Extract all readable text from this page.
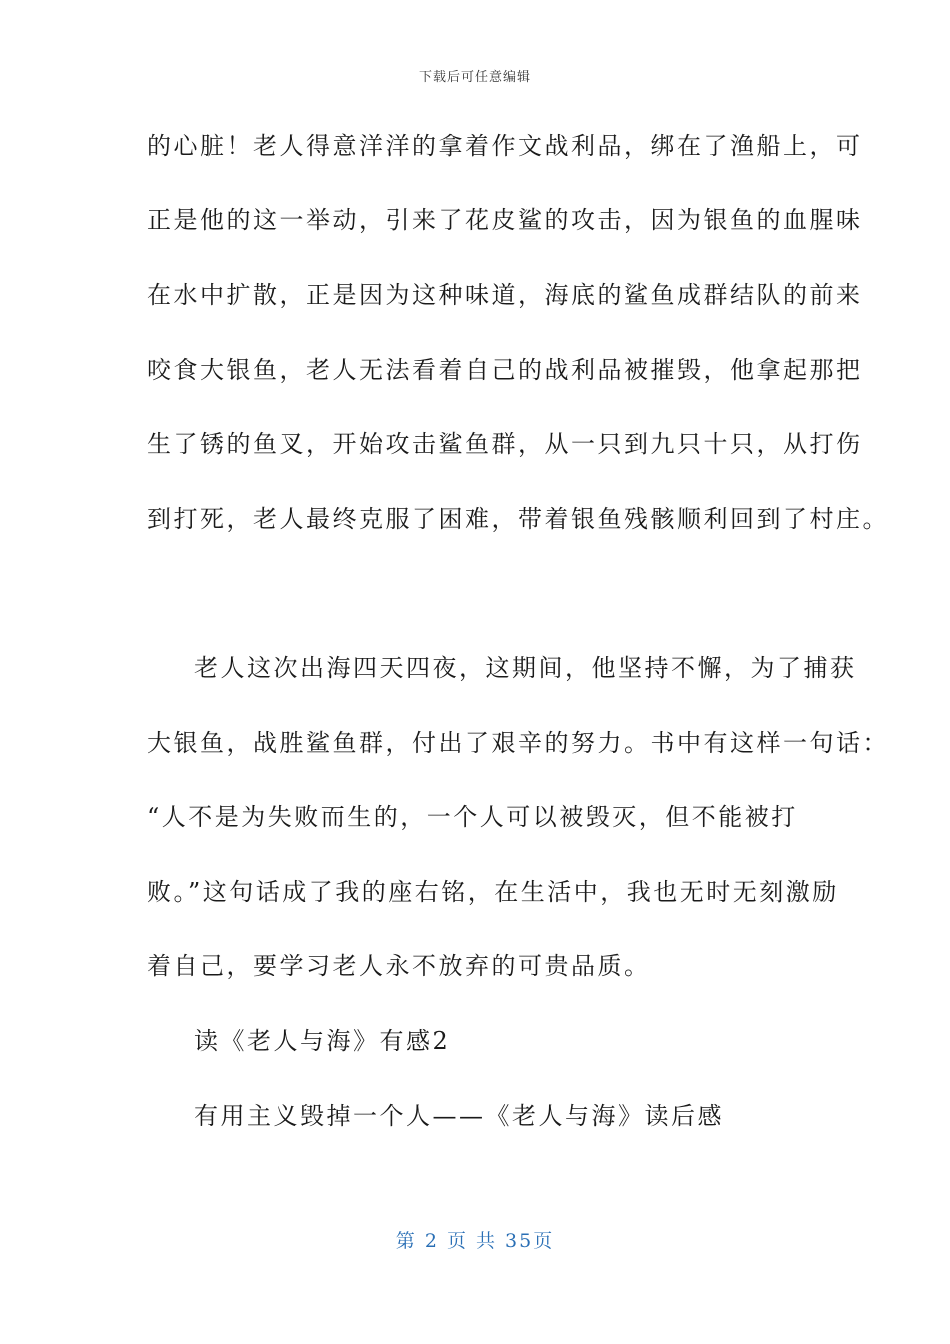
下载后可任意编辑
的心脏！老人得意洋洋的拿着作文战利品，绑在了渔船上，可
正是他的这一举动，引来了花皮鲨的攻击，因为银鱼的血腥味
在水中扩散，正是因为这种味道，海底的鲨鱼成群结队的前来
咬食大银鱼，老人无法看着自己的战利品被摧毁，他拿起那把
生了锈的鱼叉，开始攻击鲨鱼群，从一只到九只十只，从打伤
到打死，老人最终克服了困难，带着银鱼残骸顺利回到了村庄。
老人这次出海四天四夜，这期间，他坚持不懈，为了捕获
大银鱼，战胜鲨鱼群，付出了艰辛的努力。书中有这样一句话：
“人不是为失败而生的，一个人可以被毁灭，但不能被打
败。”这句话成了我的座右铭，在生活中，我也无时无刻激励
着自己，要学习老人永不放弃的可贵品质。
读《老人与海》有感2
有用主义毁掉一个人——《老人与海》读后感
第 2 页 共 35页
